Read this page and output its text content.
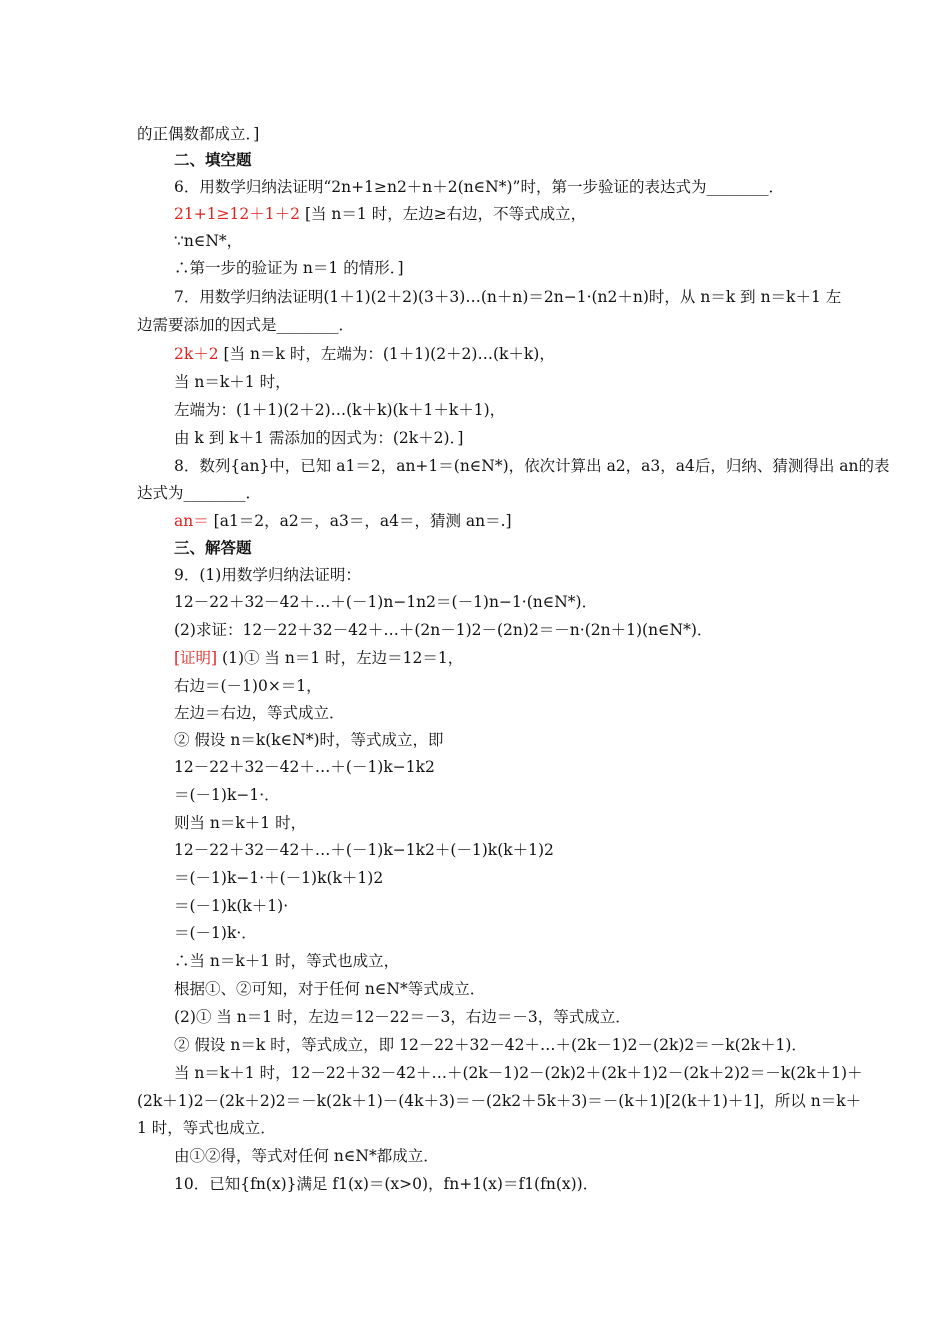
的正偶数都成立．]
二、填空题
6．用数学归纳法证明“2n+1≥n2＋n＋2(n∈N*)”时，第一步验证的表达式为________．
21+1≥12＋1＋2 [当 n＝1 时，左边≥右边，不等式成立，
∵n∈N*，
∴第一步的验证为 n＝1 的情形．]
7．用数学归纳法证明(1＋1)(2＋2)(3＋3)…(n＋n)＝2n−1·(n2＋n)时，从 n＝k 到 n＝k＋1 左
边需要添加的因式是________．
2k＋2 [当 n＝k 时，左端为：(1＋1)(2＋2)…(k＋k)，
当 n＝k＋1 时，
左端为：(1＋1)(2＋2)…(k＋k)(k＋1＋k＋1)，
由 k 到 k＋1 需添加的因式为：(2k＋2)．]
8．数列{an}中，已知 a1＝2，an+1＝(n∈N*)，依次计算出 a2，a3，a4后，归纳、猜测得出 an的表
达式为________．
an＝ [a1＝2，a2＝，a3＝，a4＝，猜测 an＝.]
三、解答题
9．(1)用数学归纳法证明：
12－22＋32－42＋…＋(－1)n−1n2＝(－1)n−1·(n∈N*)．
(2)求证：12－22＋32－42＋…＋(2n－1)2－(2n)2＝－n·(2n＋1)(n∈N*)．
[证明] (1)① 当 n＝1 时，左边＝12＝1，
右边＝(－1)0×＝1，
左边＝右边，等式成立．
② 假设 n＝k(k∈N*)时，等式成立，即
12－22＋32－42＋…＋(－1)k−1k2
＝(－1)k−1·．
则当 n＝k＋1 时，
12－22＋32－42＋…＋(－1)k−1k2＋(－1)k(k＋1)2
＝(－1)k−1·＋(－1)k(k＋1)2
＝(－1)k(k＋1)·
＝(－1)k·．
∴当 n＝k＋1 时，等式也成立，
根据①、②可知，对于任何 n∈N*等式成立．
(2)① 当 n＝1 时，左边＝12－22＝－3，右边＝－3，等式成立．
② 假设 n＝k 时，等式成立，即 12－22＋32－42＋…＋(2k－1)2－(2k)2＝－k(2k＋1)．
当 n＝k＋1 时，12－22＋32－42＋…＋(2k－1)2－(2k)2＋(2k＋1)2－(2k＋2)2＝－k(2k＋1)＋
(2k＋1)2－(2k＋2)2＝－k(2k＋1)－(4k＋3)＝－(2k2＋5k＋3)＝－(k＋1)[2(k＋1)＋1]，所以 n＝k＋
1 时，等式也成立．
由①②得，等式对任何 n∈N*都成立．
10．已知{fn(x)}满足 f1(x)＝(x>0)，fn+1(x)＝f1(fn(x))．
